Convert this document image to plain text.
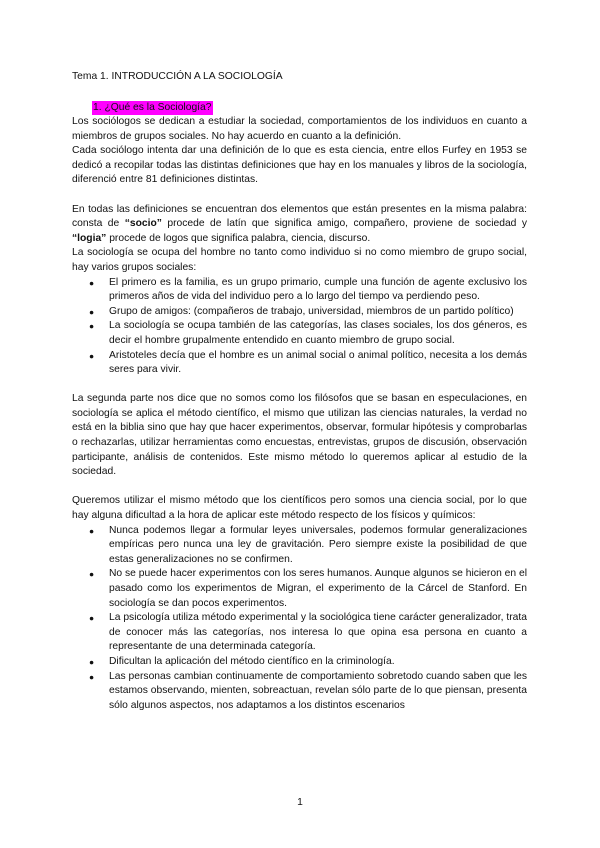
Tema 1. INTRODUCCIÓN A LA SOCIOLOGÍA
1. ¿Qué es la Sociología?

Los sociólogos se dedican a estudiar la sociedad, comportamientos de los individuos en cuanto a miembros de grupos sociales. No hay acuerdo en cuanto a la definición.

Cada sociólogo intenta dar una definición de lo que es esta ciencia, entre ellos Furfey en 1953 se dedicó a recopilar todas las distintas definiciones que hay en los manuales y libros de la sociología, diferenció entre 81 definiciones distintas.

En todas las definiciones se encuentran dos elementos que están presentes en la misma palabra: consta de “socio” procede de latín que significa amigo, compañero, proviene de sociedad y “logia” procede de logos que significa palabra, ciencia, discurso.

La sociología se ocupa del hombre no tanto como individuo si no como miembro de grupo social, hay varios grupos sociales:

● El primero es la familia, es un grupo primario, cumple una función de agente exclusivo los primeros años de vida del individuo pero a lo largo del tiempo va perdiendo peso.
● Grupo de amigos: (compañeros de trabajo, universidad, miembros de un partido político)
● La sociología se ocupa también de las categorías, las clases sociales, los dos géneros, es decir el hombre grupalmente entendido en cuanto miembro de grupo social.
● Aristoteles decía que el hombre es un animal social o animal político, necesita a los demás seres para vivir.

La segunda parte nos dice que no somos como los filósofos que se basan en especulaciones, en sociología se aplica el método científico, el mismo que utilizan las ciencias naturales, la verdad no está en la biblia sino que hay que hacer experimentos, observar, formular hipótesis y comprobarlas o rechazarlas, utilizar herramientas como encuestas, entrevistas, grupos de discusión, observación participante, análisis de contenidos. Este mismo método lo queremos aplicar al estudio de la sociedad.

Queremos utilizar el mismo método que los científicos pero somos una ciencia social, por lo que hay alguna dificultad a la hora de aplicar este método respecto de los físicos y químicos:

● Nunca podemos llegar a formular leyes universales, podemos formular generalizaciones empíricas pero nunca una ley de gravitación. Pero siempre existe la posibilidad de que estas generalizaciones no se confirmen.
● No se puede hacer experimentos con los seres humanos. Aunque algunos se hicieron en el pasado como los experimentos de Migran, el experimento de la Cárcel de Stanford. En sociología se dan pocos experimentos.
● La psicología utiliza método experimental y la sociológica tiene carácter generalizador, trata de conocer más las categorías, nos interesa lo que opina esa persona en cuanto a representante de una determinada categoría.
● Dificultan la aplicación del método científico en la criminología.
● Las personas cambian continuamente de comportamiento sobretodo cuando saben que les estamos observando, mienten, sobreactuan, revelan sólo parte de lo que piensan, presenta sólo algunos aspectos, nos adaptamos a los distintos escenarios
1
